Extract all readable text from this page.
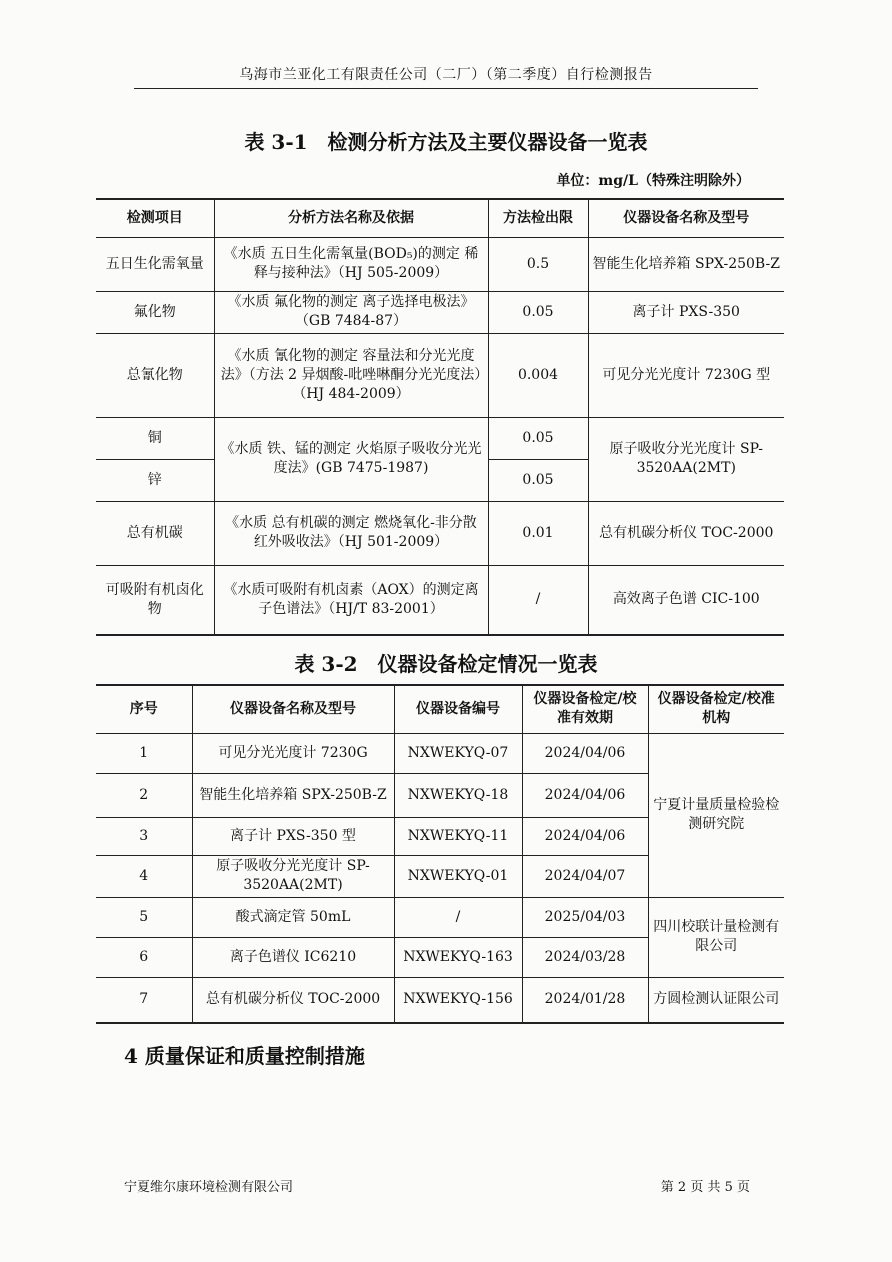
乌海市兰亚化工有限责任公司（二厂）（第二季度）自行检测报告
表 3-1　检测分析方法及主要仪器设备一览表
单位：mg/L（特殊注明除外）
检测项目	分析方法名称及依据	方法检出限	仪器设备名称及型号
五日生化需氧量	《水质 五日生化需氧量(BOD₅)的测定 稀释与接种法》（HJ 505-2009）	0.5	智能生化培养箱 SPX-250B-Z
氟化物	《水质 氟化物的测定 离子选择电极法》（GB 7484-87）	0.05	离子计 PXS-350
总氰化物	《水质 氰化物的测定 容量法和分光光度法》（方法 2 异烟酸-吡唑啉酮分光光度法）（HJ 484-2009）	0.004	可见分光光度计 7230G 型
铜	《水质 铁、锰的测定 火焰原子吸收分光光度法》(GB 7475-1987)	0.05	原子吸收分光光度计 SP-3520AA(2MT)
锌		0.05	
总有机碳	《水质 总有机碳的测定 燃烧氧化-非分散红外吸收法》（HJ 501-2009）	0.01	总有机碳分析仪 TOC-2000
可吸附有机卤化物	《水质可吸附有机卤素（AOX）的测定离子色谱法》（HJ/T 83-2001）	/	高效离子色谱 CIC-100
表 3-2　仪器设备检定情况一览表
序号	仪器设备名称及型号	仪器设备编号	仪器设备检定/校准有效期	仪器设备检定/校准机构
1	可见分光光度计 7230G	NXWEKYQ-07	2024/04/06	宁夏计量质量检验检测研究院
2	智能生化培养箱 SPX-250B-Z	NXWEKYQ-18	2024/04/06	
3	离子计 PXS-350 型	NXWEKYQ-11	2024/04/06	
4	原子吸收分光光度计 SP-3520AA(2MT)	NXWEKYQ-01	2024/04/07	
5	酸式滴定管 50mL	/	2025/04/03	四川校联计量检测有限公司
6	离子色谱仪 IC6210	NXWEKYQ-163	2024/03/28	
7	总有机碳分析仪 TOC-2000	NXWEKYQ-156	2024/01/28	方圆检测认证限公司
4 质量保证和质量控制措施
宁夏维尔康环境检测有限公司	第 2 页 共 5 页
